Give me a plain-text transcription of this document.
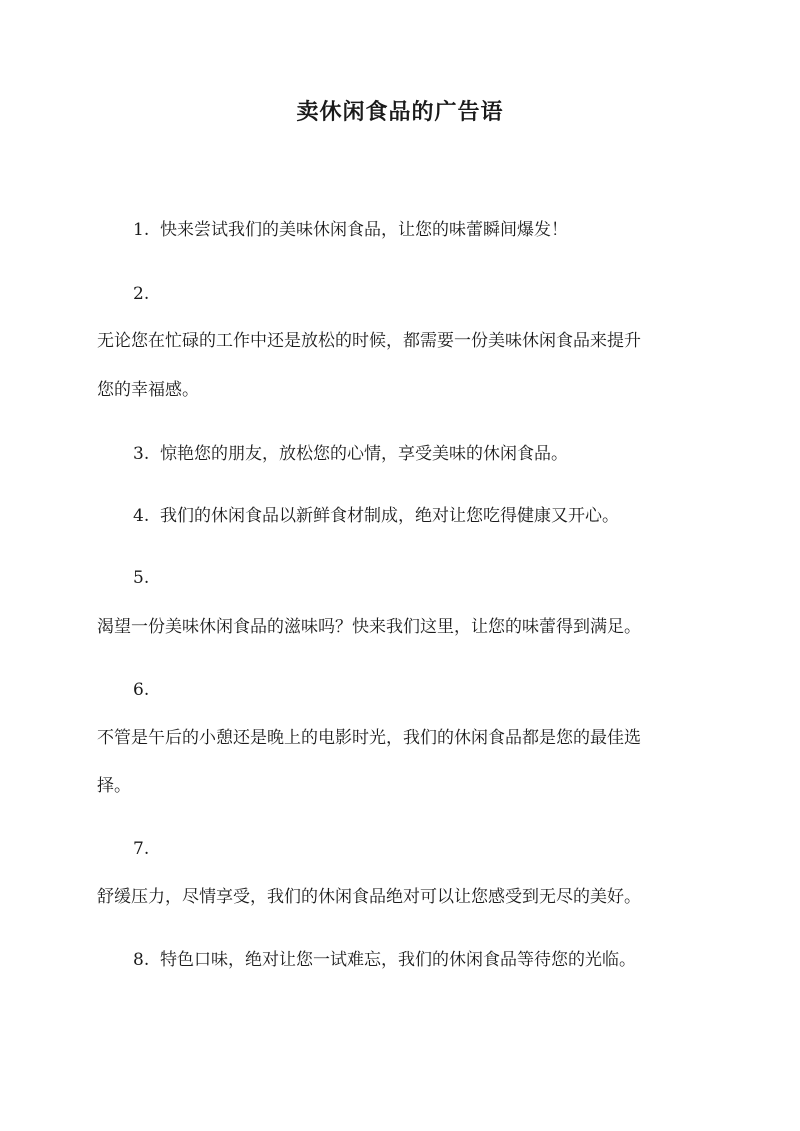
卖休闲食品的广告语
1. 快来尝试我们的美味休闲食品，让您的味蕾瞬间爆发！
2.
无论您在忙碌的工作中还是放松的时候，都需要一份美味休闲食品来提升
您的幸福感。
3. 惊艳您的朋友，放松您的心情，享受美味的休闲食品。
4. 我们的休闲食品以新鲜食材制成，绝对让您吃得健康又开心。
5.
渴望一份美味休闲食品的滋味吗？快来我们这里，让您的味蕾得到满足。
6.
不管是午后的小憩还是晚上的电影时光，我们的休闲食品都是您的最佳选
择。
7.
舒缓压力，尽情享受，我们的休闲食品绝对可以让您感受到无尽的美好。
8. 特色口味，绝对让您一试难忘，我们的休闲食品等待您的光临。
